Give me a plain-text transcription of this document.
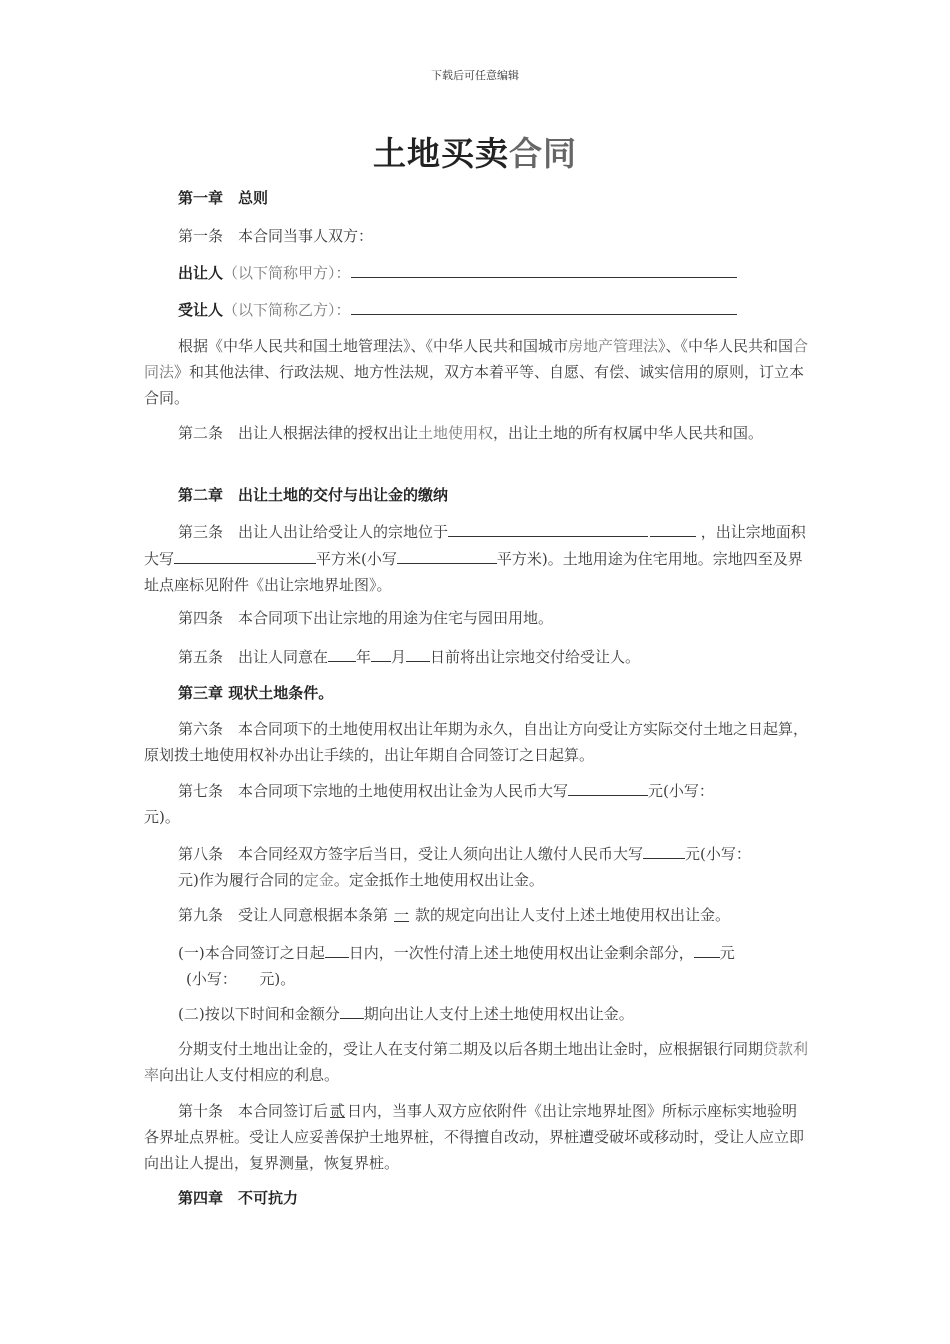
下载后可任意编辑
土地买卖合同
第一章　总则
第一条　本合同当事人双方：
出让人（以下简称甲方）：
受让人（以下简称乙方）：
根据《中华人民共和国土地管理法》、《中华人民共和国城市房地产管理法》、《中华人民共和国合同法》和其他法律、行政法规、地方性法规，双方本着平等、自愿、有偿、诚实信用的原则，订立本合同。
第二条　出让人根据法律的授权出让土地使用权，出让土地的所有权属中华人民共和国。
第二章　出让土地的交付与出让金的缴纳
第三条　出让人出让给受让人的宗地位于	，出让宗地面积大写	平方米(小写	平方米)。土地用途为住宅用地。宗地四至及界址点座标见附件《出让宗地界址图》。
第四条　本合同项下出让宗地的用途为住宅与园田用地。
第五条　出让人同意在 年 月 日前将出让宗地交付给受让人。
第三章 现状土地条件。
第六条　本合同项下的土地使用权出让年期为永久，自出让方向受让方实际交付土地之日起算，原划拨土地使用权补办出让手续的，出让年期自合同签订之日起算。
第七条　本合同项下宗地的土地使用权出让金为人民币大写	元(小写：
元)。
第八条　本合同经双方签字后当日，受让人须向出让人缴付人民币大写	元(小写：
元)作为履行合同的定金。定金抵作土地使用权出让金。
第九条　受让人同意根据本条第 一 款的规定向出让人支付上述土地使用权出让金。
(一)本合同签订之日起 日内，一次性付清上述土地使用权出让金剩余部分， 元
(小写：　　元)。
(二)按以下时间和金额分 期向出让人支付上述土地使用权出让金。
分期支付土地出让金的，受让人在支付第二期及以后各期土地出让金时，应根据银行同期贷款利率向出让人支付相应的利息。
第十条　本合同签订后 贰 日内，当事人双方应依附件《出让宗地界址图》所标示座标实地验明各界址点界桩。受让人应妥善保护土地界桩，不得擅自改动，界桩遭受破坏或移动时，受让人应立即向出让人提出，复界测量，恢复界桩。
第四章　不可抗力
